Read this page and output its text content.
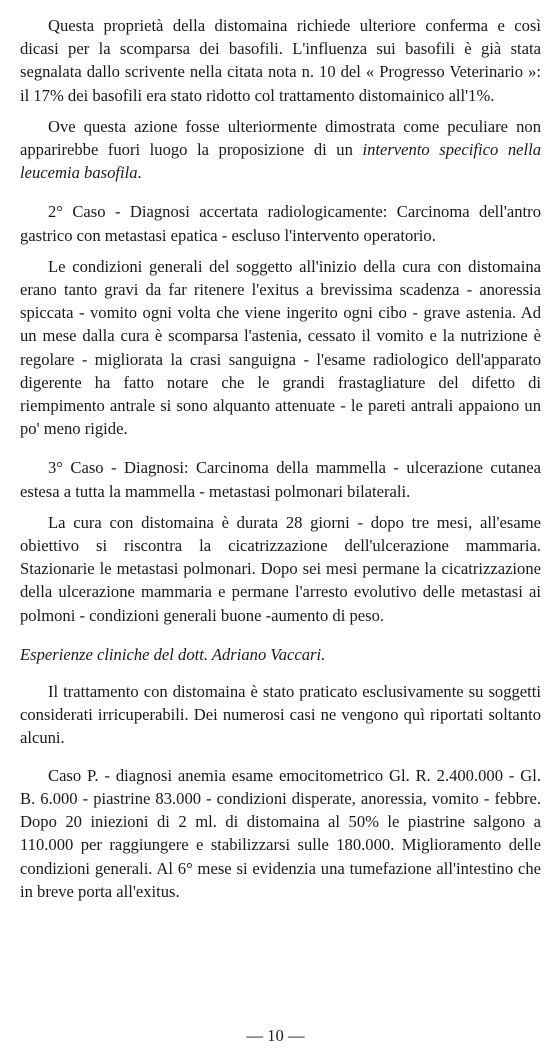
Questa proprietà della distomaina richiede ulteriore conferma e così dicasi per la scomparsa dei basofili. L'influenza sui basofili è già stata segnalata dallo scrivente nella citata nota n. 10 del « Progresso Veterinario »: il 17% dei basofili era stato ridotto col trattamento distomainico all'1%.

Ove questa azione fosse ulteriormente dimostrata come peculiare non apparirebbe fuori luogo la proposizione di un intervento specifico nella leucemia basofila.

2° Caso - Diagnosi accertata radiologicamente: Carcinoma dell'antro gastrico con metastasi epatica - escluso l'intervento operatorio.

Le condizioni generali del soggetto all'inizio della cura con distomaina erano tanto gravi da far ritenere l'exitus a brevissima scadenza - anoressia spiccata - vomito ogni volta che viene ingerito ogni cibo - grave astenia. Ad un mese dalla cura è scomparsa l'astenia, cessato il vomito e la nutrizione è regolare - migliorata la crasi sanguigna - l'esame radiologico dell'apparato digerente ha fatto notare che le grandi frastagliature del difetto di riempimento antrale si sono alquanto attenuate - le pareti antrali appaiono un po' meno rigide.

3° Caso - Diagnosi: Carcinoma della mammella - ulcerazione cutanea estesa a tutta la mammella - metastasi polmonari bilaterali.

La cura con distomaina è durata 28 giorni - dopo tre mesi, all'esame obiettivo si riscontra la cicatrizzazione dell'ulcerazione mammaria. Stazionarie le metastasi polmonari. Dopo sei mesi permane la cicatrizzazione della ulcerazione mammaria e permane l'arresto evolutivo delle metastasi ai polmoni - condizioni generali buone -aumento di peso.

Esperienze cliniche del dott. Adriano Vaccari.

Il trattamento con distomaina è stato praticato esclusivamente su soggetti considerati irricuperabili. Dei numerosi casi ne vengono quì riportati soltanto alcuni.

Caso P. - diagnosi anemia esame emocitometrico Gl. R. 2.400.000 - Gl. B. 6.000 - piastrine 83.000 - condizioni disperate, anoressia, vomito - febbre. Dopo 20 iniezioni di 2 ml. di distomaina al 50% le piastrine salgono a 110.000 per raggiungere e stabilizzarsi sulle 180.000. Miglioramento delle condizioni generali. Al 6° mese si evidenzia una tumefazione all'intestino che in breve porta all'exitus.

— 10 —
